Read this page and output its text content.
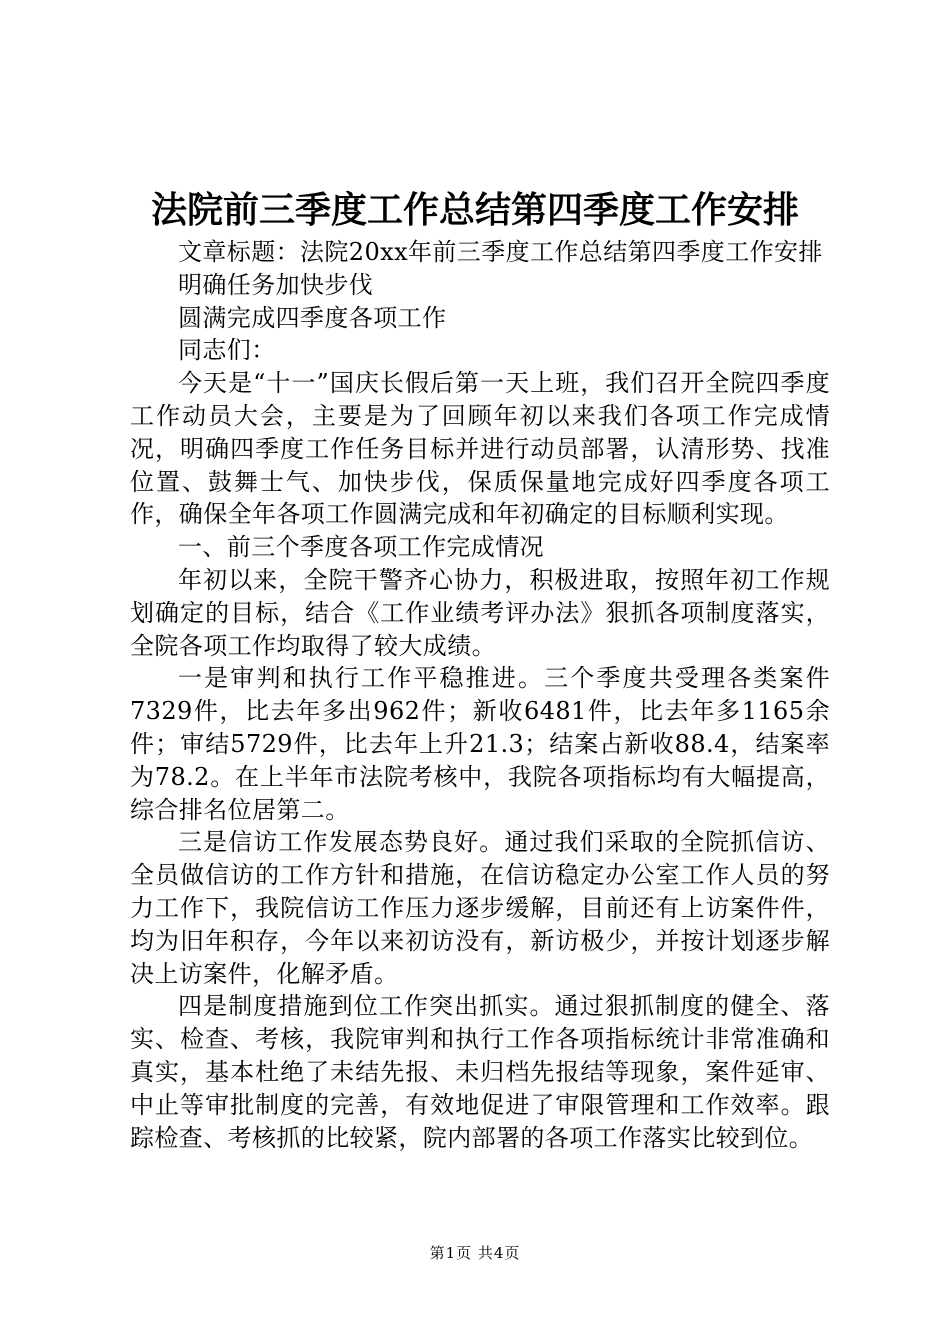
法院前三季度工作总结第四季度工作安排

文章标题：法院20xx年前三季度工作总结第四季度工作安排

明确任务加快步伐

圆满完成四季度各项工作

同志们：

今天是“十一”国庆长假后第一天上班，我们召开全院四季度工作动员大会，主要是为了回顾年初以来我们各项工作完成情况，明确四季度工作任务目标并进行动员部署，认清形势、找准位置、鼓舞士气、加快步伐，保质保量地完成好四季度各项工作，确保全年各项工作圆满完成和年初确定的目标顺利实现。

一、前三个季度各项工作完成情况

年初以来，全院干警齐心协力，积极进取，按照年初工作规划确定的目标，结合《工作业绩考评办法》狠抓各项制度落实，全院各项工作均取得了较大成绩。

一是审判和执行工作平稳推进。三个季度共受理各类案件7329件，比去年多出962件；新收6481件，比去年多1165余件；审结5729件，比去年上升21.3；结案占新收88.4，结案率为78.2。在上半年市法院考核中，我院各项指标均有大幅提高，综合排名位居第二。

三是信访工作发展态势良好。通过我们采取的全院抓信访、全员做信访的工作方针和措施，在信访稳定办公室工作人员的努力工作下，我院信访工作压力逐步缓解，目前还有上访案件件，均为旧年积存，今年以来初访没有，新访极少，并按计划逐步解决上访案件，化解矛盾。

四是制度措施到位工作突出抓实。通过狠抓制度的健全、落实、检查、考核，我院审判和执行工作各项指标统计非常准确和真实，基本杜绝了未结先报、未归档先报结等现象，案件延审、中止等审批制度的完善，有效地促进了审限管理和工作效率。跟踪检查、考核抓的比较紧，院内部署的各项工作落实比较到位。

第1页 共4页
